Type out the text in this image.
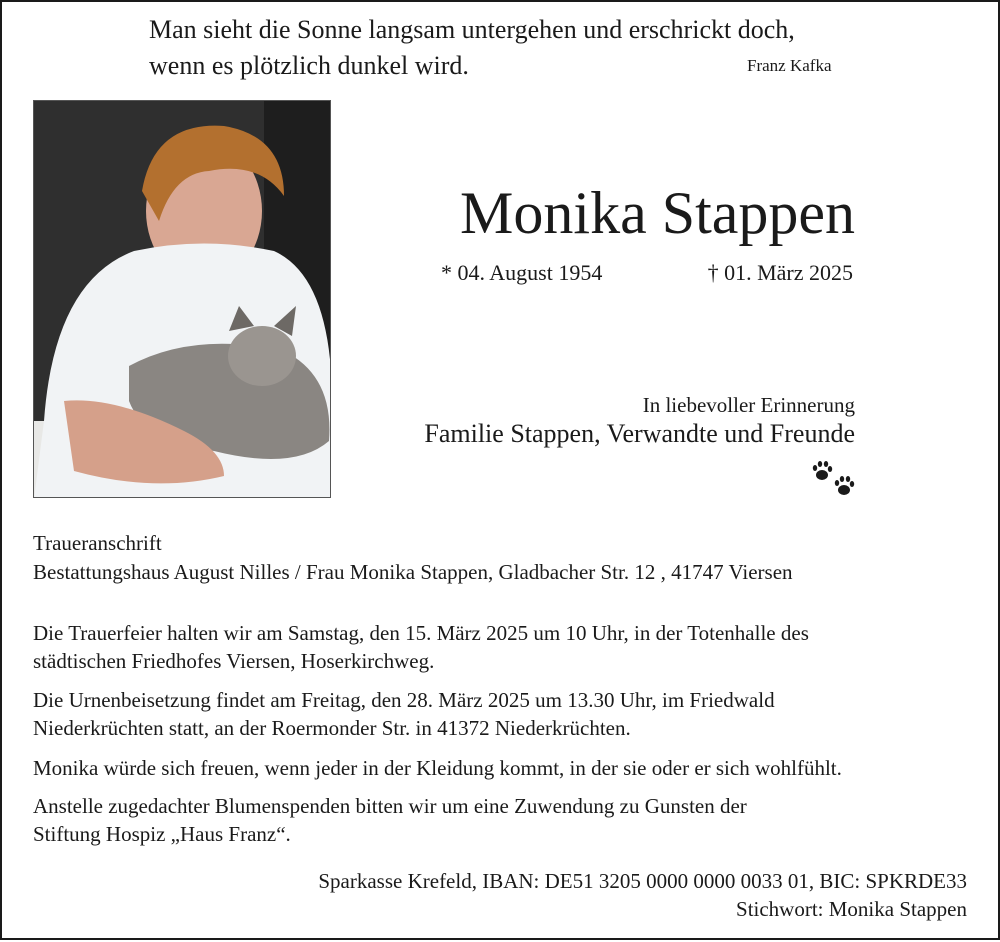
Man sieht die Sonne langsam untergehen und erschrickt doch,
wenn es plötzlich dunkel wird.	Franz Kafka
Monika Stappen
* 04. August 1954	† 01. März 2025
In liebevoller Erinnerung
Familie Stappen, Verwandte und Freunde
Traueranschrift
Bestattungshaus August Nilles / Frau Monika Stappen, Gladbacher Str. 12 , 41747 Viersen
Die Trauerfeier halten wir am Samstag, den 15. März 2025 um 10 Uhr, in der Totenhalle des
städtischen Friedhofes Viersen, Hoserkirchweg.
Die Urnenbeisetzung findet am Freitag, den 28. März 2025 um 13.30 Uhr, im Friedwald
Niederkrüchten statt, an der Roermonder Str. in 41372 Niederkrüchten.
Monika würde sich freuen, wenn jeder in der Kleidung kommt, in der sie oder er sich wohlfühlt.
Anstelle zugedachter Blumenspenden bitten wir um eine Zuwendung zu Gunsten der
Stiftung Hospiz „Haus Franz“.
Sparkasse Krefeld, IBAN: DE51 3205 0000 0000 0033 01, BIC: SPKRDE33
Stichwort: Monika Stappen
